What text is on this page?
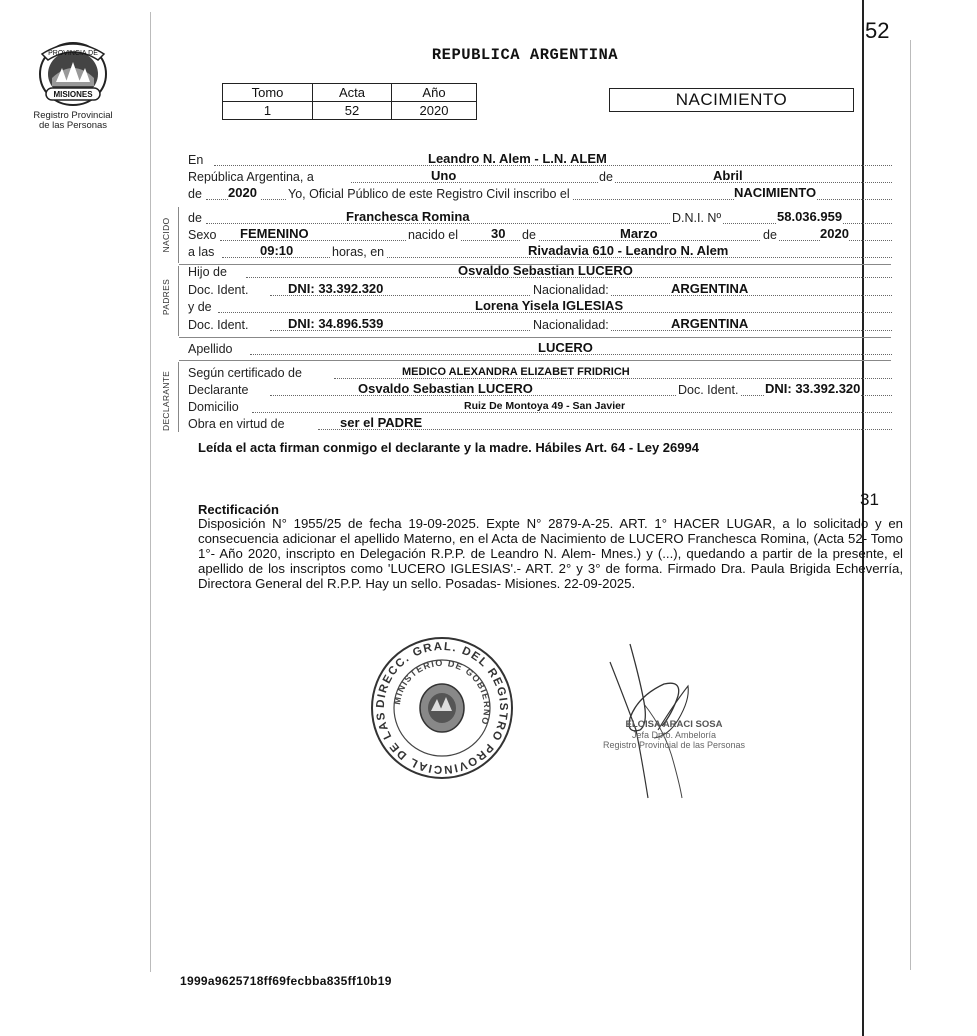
PROVINCIA DE
MISIONES
Registro Provincial
de las Personas
REPUBLICA ARGENTINA
52
Tomo	Acta	Año
1	52	2020
NACIMIENTO
En	Leandro N. Alem - L.N. ALEM
República Argentina, a	Uno	de	Abril
de 2020 Yo, Oficial Público de este Registro Civil inscribo el	NACIMIENTO
NACIDO de	Franchesca Romina	D.N.I. Nº	58.036.959
Sexo FEMENINO	nacido el	30 de	Marzo	de	2020
a las	09:10	horas, en	Rivadavia 610 - Leandro N. Alem
PADRES
Hijo de	Osvaldo Sebastian LUCERO
Doc. Ident.	DNI: 33.392.320	Nacionalidad:	ARGENTINA
y de	Lorena Yisela IGLESIAS
Doc. Ident.	DNI: 34.896.539	Nacionalidad:	ARGENTINA
Apellido	LUCERO
DECLARANTE Según certificado de	MEDICO ALEXANDRA ELIZABET FRIDRICH
Declarante	Osvaldo Sebastian LUCERO	Doc. Ident. DNI: 33.392.320
Domicilio	Ruiz De Montoya 49 - San Javier
Obra en virtud de	ser el PADRE
Leída el acta firman conmigo el declarante y la madre. Hábiles Art. 64 - Ley 26994
Rectificación
31
Disposición N° 1955/25 de fecha 19-09-2025. Expte N° 2879-A-25. ART. 1° HACER LUGAR, a lo solicitado y en consecuencia adicionar el apellido Materno, en el Acta de Nacimiento de LUCERO Franchesca Romina, (Acta 52- Tomo 1°- Año 2020, inscripto en Delegación R.P.P. de Leandro N. Alem- Mnes.) y (...), quedando a partir de la presente, el apellido de los inscriptos como 'LUCERO IGLESIAS'.- ART. 2° y 3° de forma. Firmado Dra. Paula Brigida Echeverría, Directora General del R.P.P. Hay un sello. Posadas- Misiones. 22-09-2025.
DIRECC. GRAL. DEL REGISTRO PROVINCIAL DE LAS
MINISTERIO DE GOBIERNO	ELOISA ARACI SOSA
Jefa Dpto. Ambeloría
Registro Provincial de las Personas
1999a9625718ff69fecbba835ff10b19
